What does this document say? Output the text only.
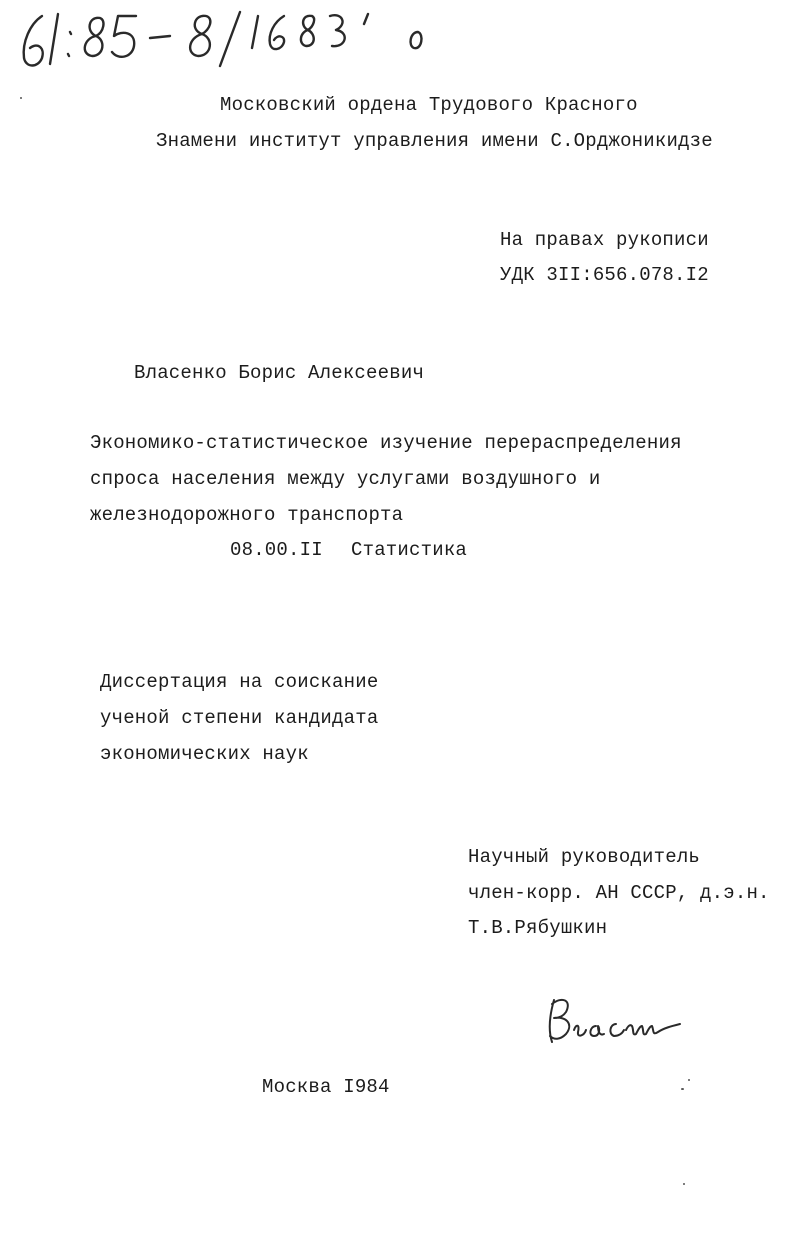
Московский ордена Трудового Красного
Знамени институт управления имени С.Орджоникидзе
На правах рукописи
УДК 3II:656.078.I2
Власенко Борис Алексеевич
Экономико-статистическое изучение перераспределения
спроса населения между услугами воздушного и
железнодорожного транспорта
08.00.II Статистика
Диссертация на соискание
ученой степени кандидата
экономических наук
Научный руководитель
член-корр. АН СССР, д.э.н.
Т.В.Рябушкин
Москва I984
